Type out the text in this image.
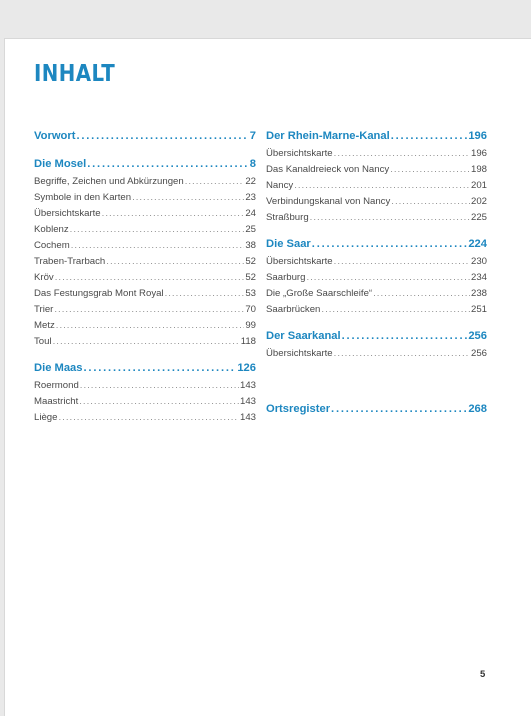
INHALT
Vorwort .....	7
Die Mosel .....	8
Begriffe, Zeichen und Abkürzungen .....	22
Symbole in den Karten .....	23
Übersichtskarte .....	24
Koblenz .....	25
Cochem .....	38
Traben-Trarbach .....	52
Kröv .....	52
Das Festungsgrab Mont Royal .....	53
Trier .....	70
Metz .....	99
Toul .....	118
Die Maas .....	126
Roermond .....	143
Maastricht .....	143
Liège .....	143
Der Rhein-Marne-Kanal .....	196
Übersichtskarte .....	196
Das Kanaldreieck von Nancy .....	198
Nancy .....	201
Verbindungskanal von Nancy .....	202
Straßburg .....	225
Die Saar .....	224
Übersichtskarte .....	230
Saarburg .....	234
Die „Große Saarschleife“ .....	238
Saarbrücken .....	251
Der Saarkanal .....	256
Übersichtskarte .....	256
Ortsregister .....	268
5
